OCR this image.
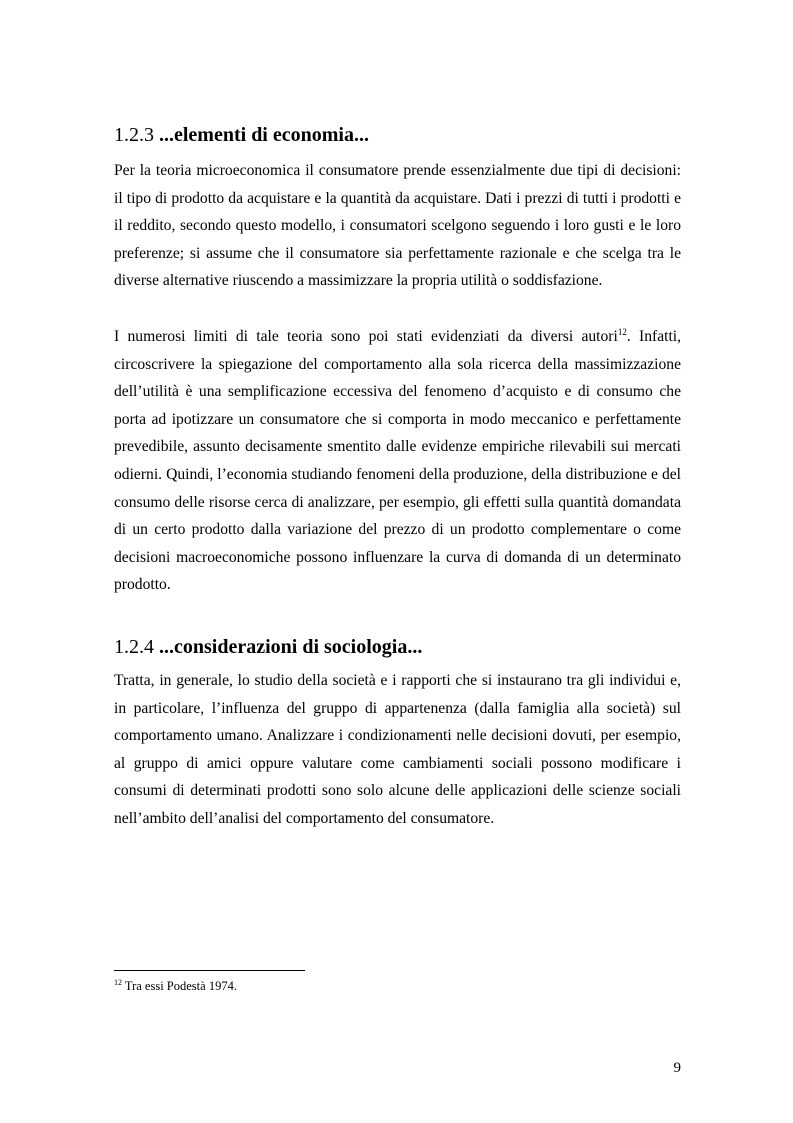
1.2.3 ...elementi di economia...

Per la teoria microeconomica il consumatore prende essenzialmente due tipi di decisioni: il tipo di prodotto da acquistare e la quantità da acquistare. Dati i prezzi di tutti i prodotti e il reddito, secondo questo modello, i consumatori scelgono seguendo i loro gusti e le loro preferenze; si assume che il consumatore sia perfettamente razionale e che scelga tra le diverse alternative riuscendo a massimizzare la propria utilità o soddisfazione.

I numerosi limiti di tale teoria sono poi stati evidenziati da diversi autori$^{12}$. Infatti, circoscrivere la spiegazione del comportamento alla sola ricerca della massimizzazione dell’utilità è una semplificazione eccessiva del fenomeno d’acquisto e di consumo che porta ad ipotizzare un consumatore che si comporta in modo meccanico e perfettamente prevedibile, assunto decisamente smentito dalle evidenze empiriche rilevabili sui mercati odierni. Quindi, l’economia studiando fenomeni della produzione, della distribuzione e del consumo delle risorse cerca di analizzare, per esempio, gli effetti sulla quantità domandata di un certo prodotto dalla variazione del prezzo di un prodotto complementare o come decisioni macroeconomiche possono influenzare la curva di domanda di un determinato prodotto.

1.2.4 ...considerazioni di sociologia...

Tratta, in generale, lo studio della società e i rapporti che si instaurano tra gli individui e, in particolare, l’influenza del gruppo di appartenenza (dalla famiglia alla società) sul comportamento umano. Analizzare i condizionamenti nelle decisioni dovuti, per esempio, al gruppo di amici oppure valutare come cambiamenti sociali possono modificare i consumi di determinati prodotti sono solo alcune delle applicazioni delle scienze sociali nell’ambito dell’analisi del comportamento del consumatore.

$^{12}$ Tra essi Podestà 1974.
9
